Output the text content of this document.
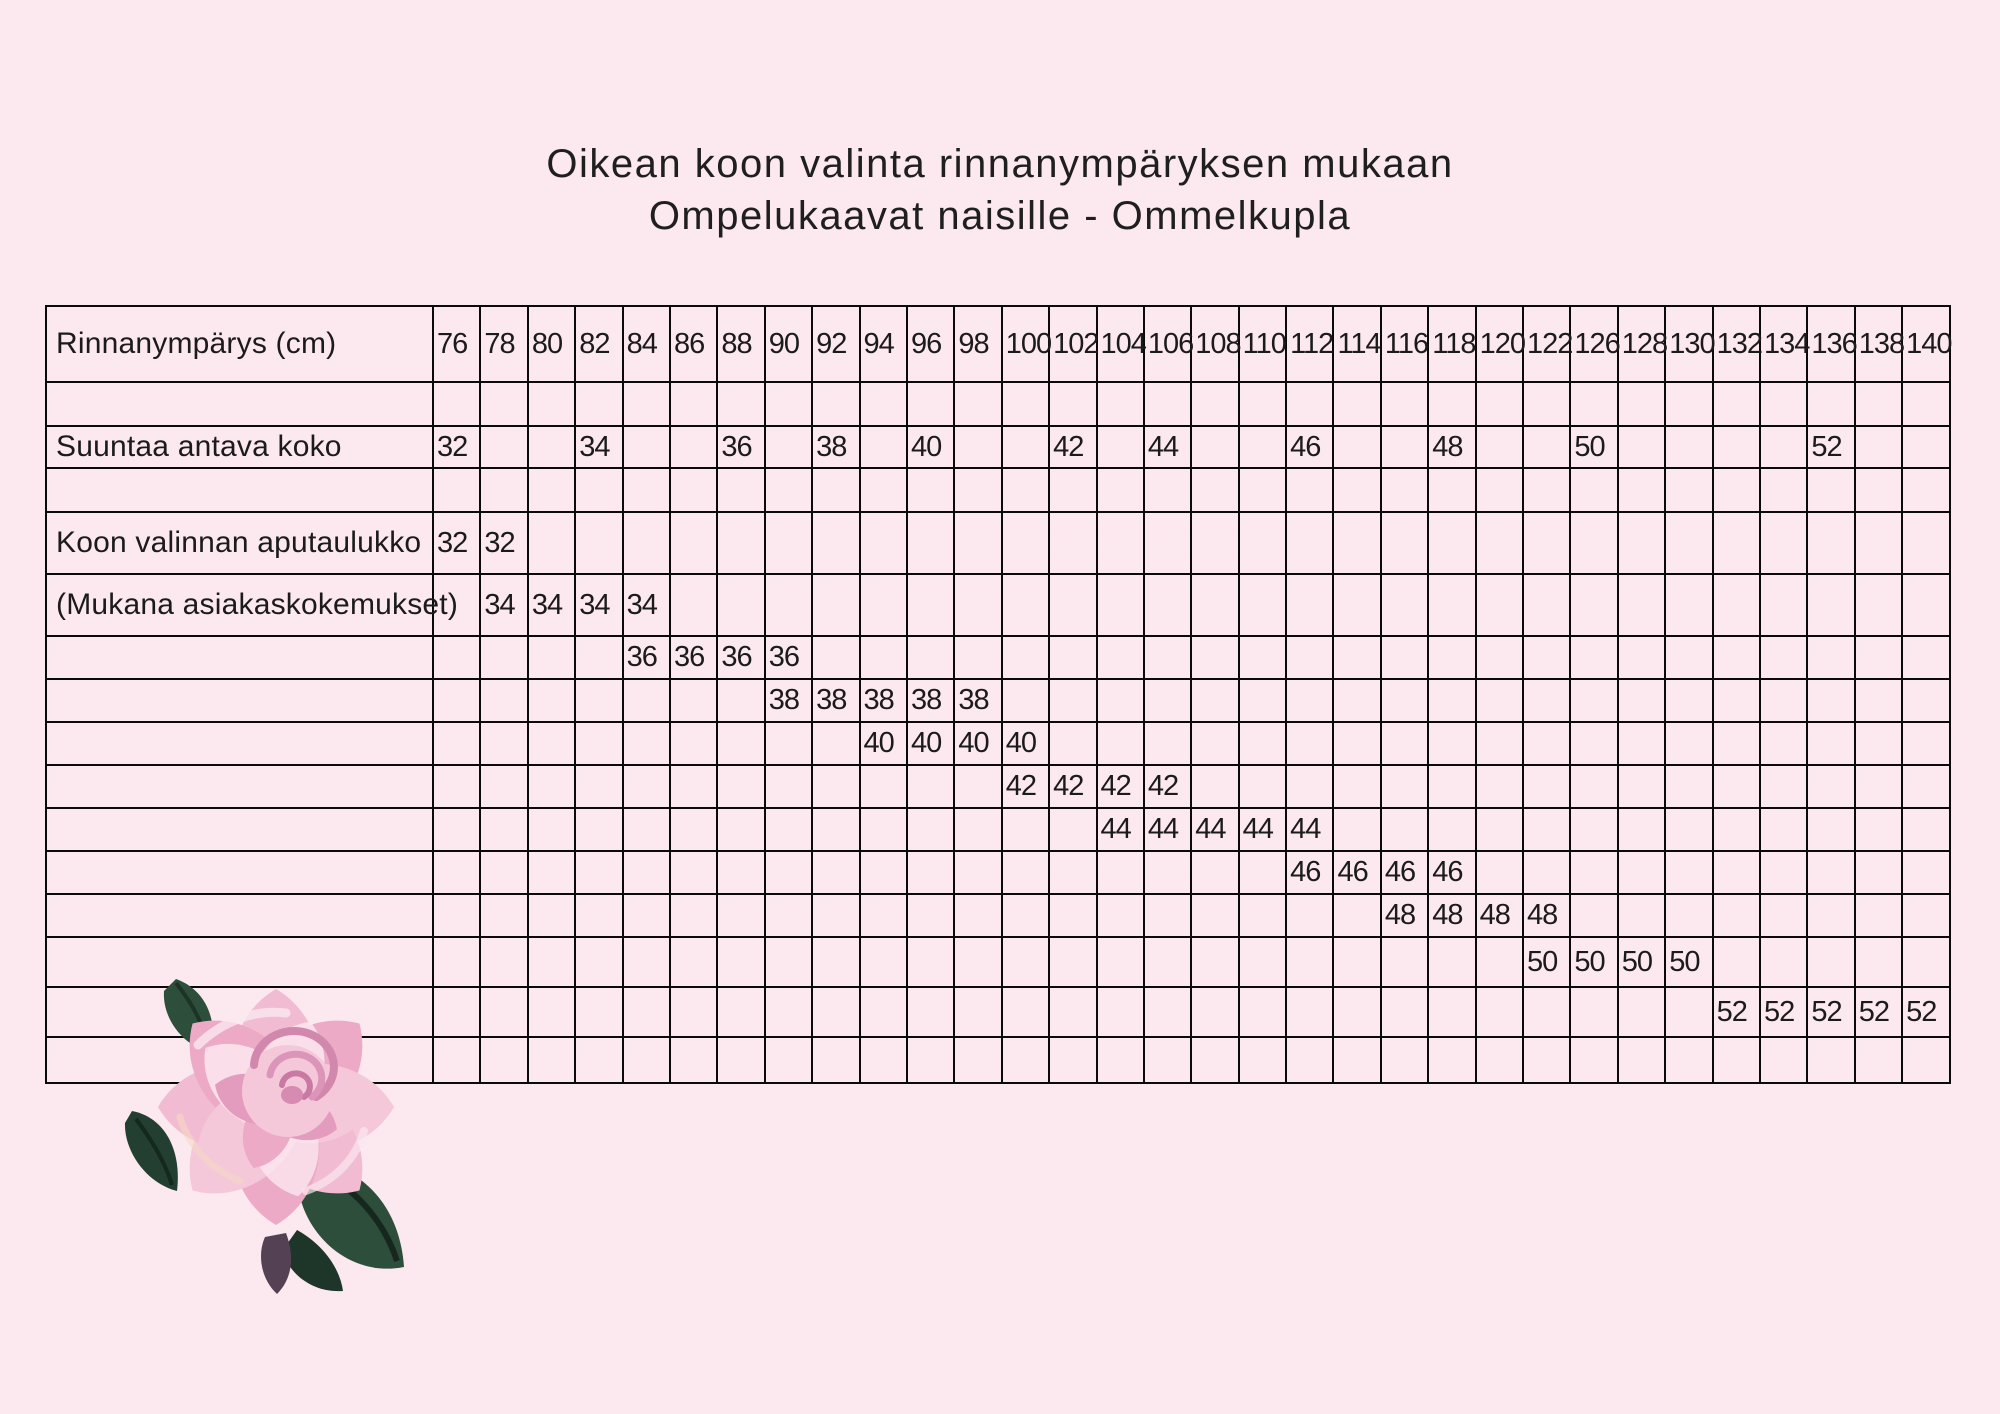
Oikean koon valinta rinnanympäryksen mukaan
Ompelukaavat naisille - Ommelkupla
Rinnanympärys (cm)	76	78	80	82	84	86	88	90	92	94	96	98	100	102	104	106	108	110	112	114	116	118	120	122	126	128	130	132	134	136	138	140

Suuntaa antava koko	32			34			36		38		40			42		44			46			48			50					52		

Koon valinnan aputaulukko	32	32																														
(Mukana asiakaskokemukset)		34	34	34	34																											
					36	36	36	36																								
								38	38	38	38	38																				
										40	40	40	40																			
													42	42	42	42																
															44	44	44	44	44													
																			46	46	46	46										
																					48	48	48	48								
																								50	50	50	50					
																												52	52	52	52	52
